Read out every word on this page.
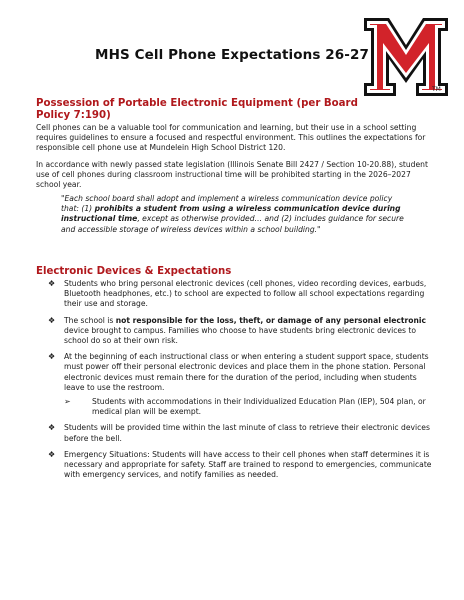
MHS Cell Phone Expectations 26-27
TM
Possession of Portable Electronic Equipment (per Board Policy 7:190)

Cell phones can be a valuable tool for communication and learning, but their use in a school setting requires guidelines to ensure a focused and respectful environment. This outlines the expectations for responsible cell phone use at Mundelein High School District 120.

In accordance with newly passed state legislation (Illinois Senate Bill 2427 / Section 10-20.88), student use of cell phones during classroom instructional time will be prohibited starting in the 2026–2027 school year.

"Each school board shall adopt and implement a wireless communication device policy that: (1) prohibits a student from using a wireless communication device during instructional time, except as otherwise provided… and (2) includes guidance for secure and accessible storage of wireless devices within a school building."

Electronic Devices & Expectations
❖ Students who bring personal electronic devices (cell phones, video recording devices, earbuds, Bluetooth headphones, etc.) to school are expected to follow all school expectations regarding their use and storage.
❖ The school is not responsible for the loss, theft, or damage of any personal electronic device brought to campus. Families who choose to have students bring electronic devices to school do so at their own risk.
❖ At the beginning of each instructional class or when entering a student support space, students must power off their personal electronic devices and place them in the phone station. Personal electronic devices must remain there for the duration of the period, including when students leave to use the restroom.
➢	Students with accommodations in their Individualized Education Plan (IEP), 504 plan, or medical plan will be exempt.
❖ Students will be provided time within the last minute of class to retrieve their electronic devices before the bell.
❖ Emergency Situations: Students will have access to their cell phones when staff determines it is necessary and appropriate for safety. Staff are trained to respond to emergencies, communicate with emergency services, and notify families as needed.
